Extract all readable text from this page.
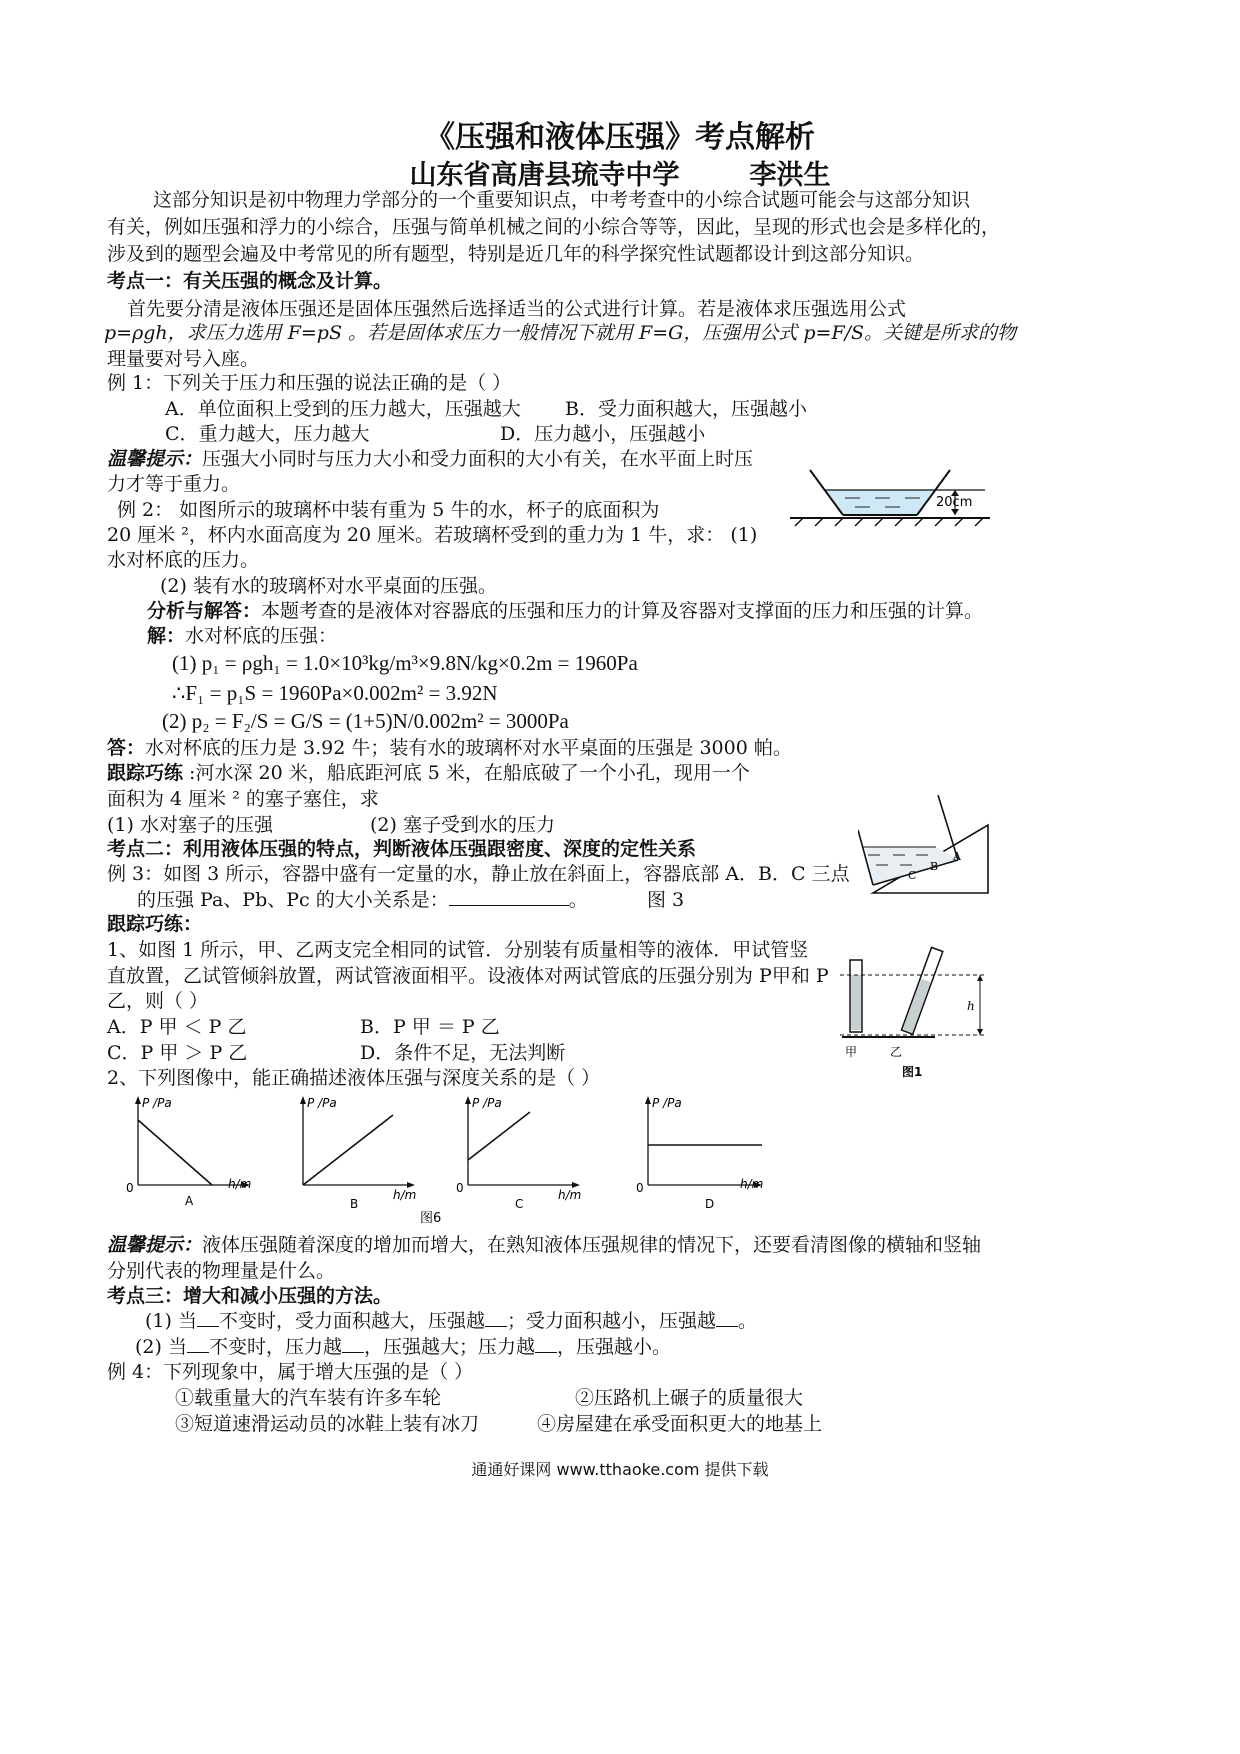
《压强和液体压强》考点解析
山东省高唐县琉寺中学	李洪生
这部分知识是初中物理力学部分的一个重要知识点，中考考查中的小综合试题可能会与这部分知识
有关，例如压强和浮力的小综合，压强与简单机械之间的小综合等等，因此，呈现的形式也会是多样化的，
涉及到的题型会遍及中考常见的所有题型，特别是近几年的科学探究性试题都设计到这部分知识。
考点一：有关压强的概念及计算。
首先要分清是液体压强还是固体压强然后选择适当的公式进行计算。若是液体求压强选用公式
p=ρgh，求压力选用 F=pS 。若是固体求压力一般情况下就用 F=G，压强用公式 p=F/S。关键是所求的物
理量要对号入座。
例 1：下列关于压力和压强的说法正确的是（ ）
A．单位面积上受到的压力越大，压强越大 B．受力面积越大，压强越小
C．重力越大，压力越大	D．压力越小，压强越小
温馨提示：压强大小同时与压力大小和受力面积的大小有关，在水平面上时压
力才等于重力。
例 2： 如图所示的玻璃杯中装有重为 5 牛的水，杯子的底面积为
20 厘米 ²，杯内水面高度为 20 厘米。若玻璃杯受到的重力为 1 牛，求： (1)
水对杯底的压力。
(2) 装有水的玻璃杯对水平桌面的压强。
20cm
分析与解答：本题考查的是液体对容器底的压强和压力的计算及容器对支撑面的压力和压强的计算。
解：水对杯底的压强：
(1) p₁ = ρgh₁ = 1.0×10³kg/m³×9.8N/kg×0.2m = 1960Pa
∴F₁ = p₁S = 1960Pa×0.002m² = 3.92N
(2) p₂ = F₂/S = G/S = (1+5)N/0.002m² = 3000Pa
答：水对杯底的压力是 3.92 牛；装有水的玻璃杯对水平桌面的压强是 3000 帕。
跟踪巧练 :河水深 20 米，船底距河底 5 米，在船底破了一个小孔，现用一个
面积为 4 厘米 ² 的塞子塞住，求
(1) 水对塞子的压强	(2) 塞子受到水的压力
考点二：利用液体压强的特点，判断液体压强跟密度、深度的定性关系
例 3：如图 3 所示，容器中盛有一定量的水，静止放在斜面上，容器底部 A．B．C 三点
的压强 Pa、Pb、Pc 的大小关系是：	。	图 3
A
B
C
跟踪巧练：
1、如图 1 所示，甲、乙两支完全相同的试管．分别装有质量相等的液体．甲试管竖
直放置，乙试管倾斜放置，两试管液面相平。设液体对两试管底的压强分别为 P甲和 P
乙，则（ ）
A．P 甲 ＜ P 乙	B．P 甲 ＝ P 乙
C．P 甲 ＞ P 乙	D．条件不足，无法判断
2、下列图像中，能正确描述液体压强与深度关系的是（ ）
h
甲	乙
图1
P /Pa
0	h/m
A
P /Pa
h/m
B
P /Pa
0	h/m
C
P /Pa
0	h/m
D
图6
温馨提示：液体压强随着深度的增加而增大，在熟知液体压强规律的情况下，还要看清图像的横轴和竖轴
分别代表的物理量是什么。
考点三：增大和减小压强的方法。
(1) 当 不变时，受力面积越大，压强越 ；受力面积越小，压强越 。
(2) 当 不变时，压力越 ，压强越大；压力越 ，压强越小。
例 4：下列现象中，属于增大压强的是（ ）
①载重量大的汽车装有许多车轮	②压路机上碾子的质量很大
③短道速滑运动员的冰鞋上装有冰刀	④房屋建在承受面积更大的地基上
通通好课网 www.tthaoke.com 提供下载
